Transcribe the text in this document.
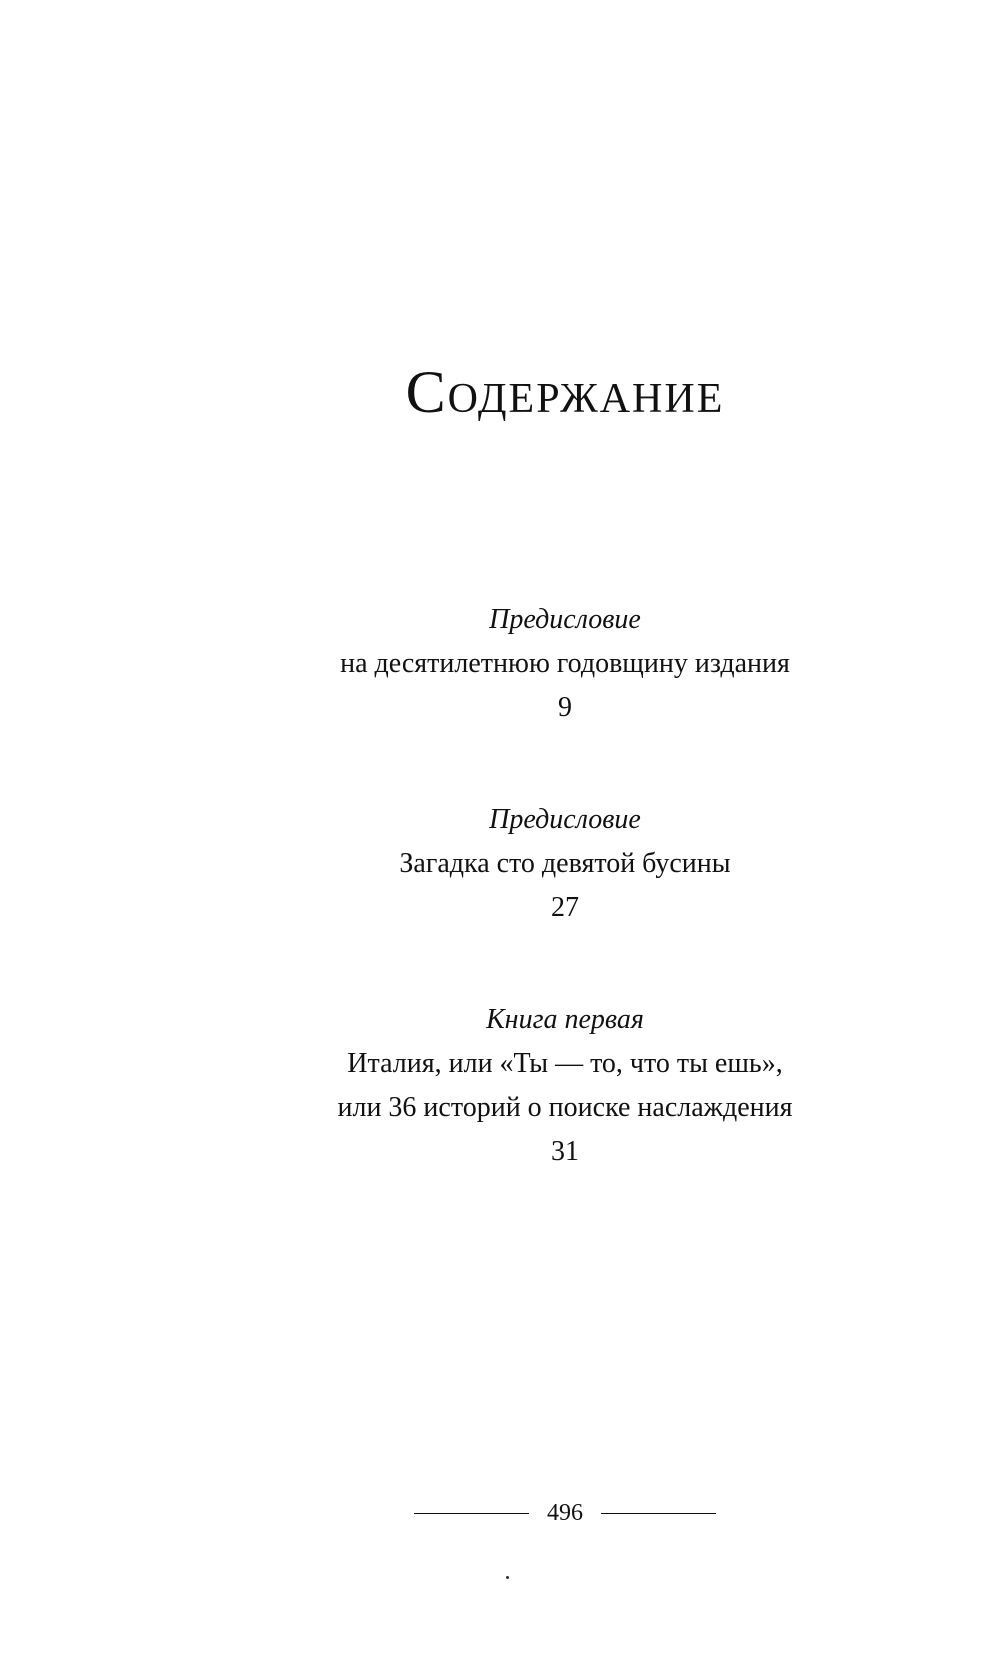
Содержание
Предисловие
на десятилетнюю годовщину издания
9
Предисловие
Загадка сто девятой бусины
27
Книга первая
Италия, или «Ты — то, что ты ешь»,
или 36 историй о поиске наслаждения
31
496
